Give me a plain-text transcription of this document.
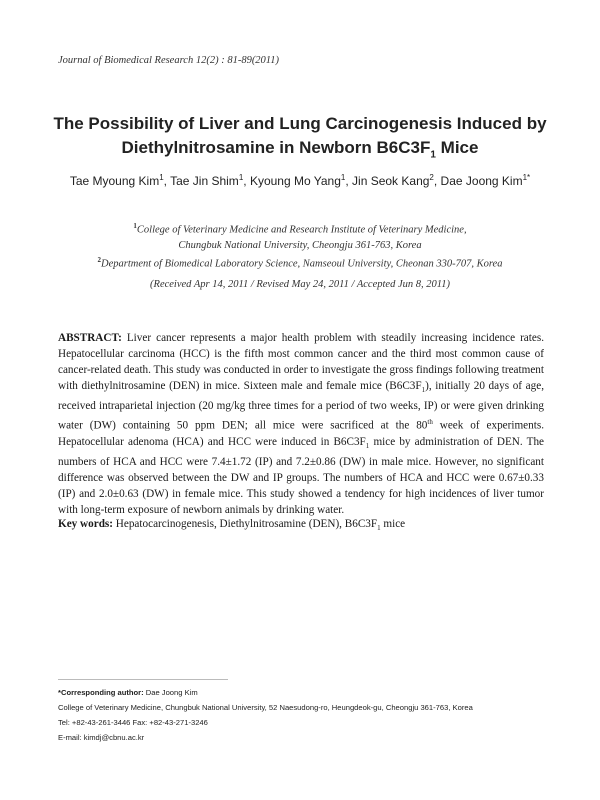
Journal of Biomedical Research 12(2) : 81-89(2011)
The Possibility of Liver and Lung Carcinogenesis Induced by
Diethylnitrosamine in Newborn $B6C3F_1$ Mice
Tae Myoung Kim$^1$, Tae Jin Shim$^1$, Kyoung Mo Yang$^1$, Jin Seok Kang$^2$, Dae Joong Kim$^{1*}$
$^1$College of Veterinary Medicine and Research Institute of Veterinary Medicine,
Chungbuk National University, Cheongju 361-763, Korea
$^2$Department of Biomedical Laboratory Science, Namseoul University, Cheonan 330-707, Korea
(Received Apr 14, 2011 / Revised May 24, 2011 / Accepted Jun 8, 2011)
ABSTRACT: Liver cancer represents a major health problem with steadily increasing incidence rates. Hepatocellular carcinoma (HCC) is the fifth most common cancer and the third most common cause of cancer-related death. This study was conducted in order to investigate the gross findings following treatment with diethylnitrosamine (DEN) in mice. Sixteen male and female mice $(B6C3F_1)$, initially 20 days of age, received intraparietal injection (20 mg/kg three times for a period of two weeks, IP) or were given drinking water (DW) containing 50 ppm DEN; all mice were sacrificed at the 80th week of experiments. Hepatocellular adenoma (HCA) and HCC were induced in $B6C3F_1$ mice by administration of DEN. The numbers of HCA and HCC were 7.4±1.72 (IP) and 7.2±0.86 (DW) in male mice. However, no significant difference was observed between the DW and IP groups. The numbers of HCA and HCC were 0.67±0.33 (IP) and 2.0±0.63 (DW) in female mice. This study showed a tendency for high incidences of liver tumor with long-term exposure of newborn animals by drinking water.
Key words: Hepatocarcinogenesis, Diethylnitrosamine (DEN), $B6C3F_1$ mice
*Corresponding author: Dae Joong Kim
College of Veterinary Medicine, Chungbuk National University, 52 Naesudong-ro, Heungdeok-gu, Cheongju 361-763, Korea
Tel: +82-43-261-3446 Fax: +82-43-271-3246
E-mail: kimdj@cbnu.ac.kr
